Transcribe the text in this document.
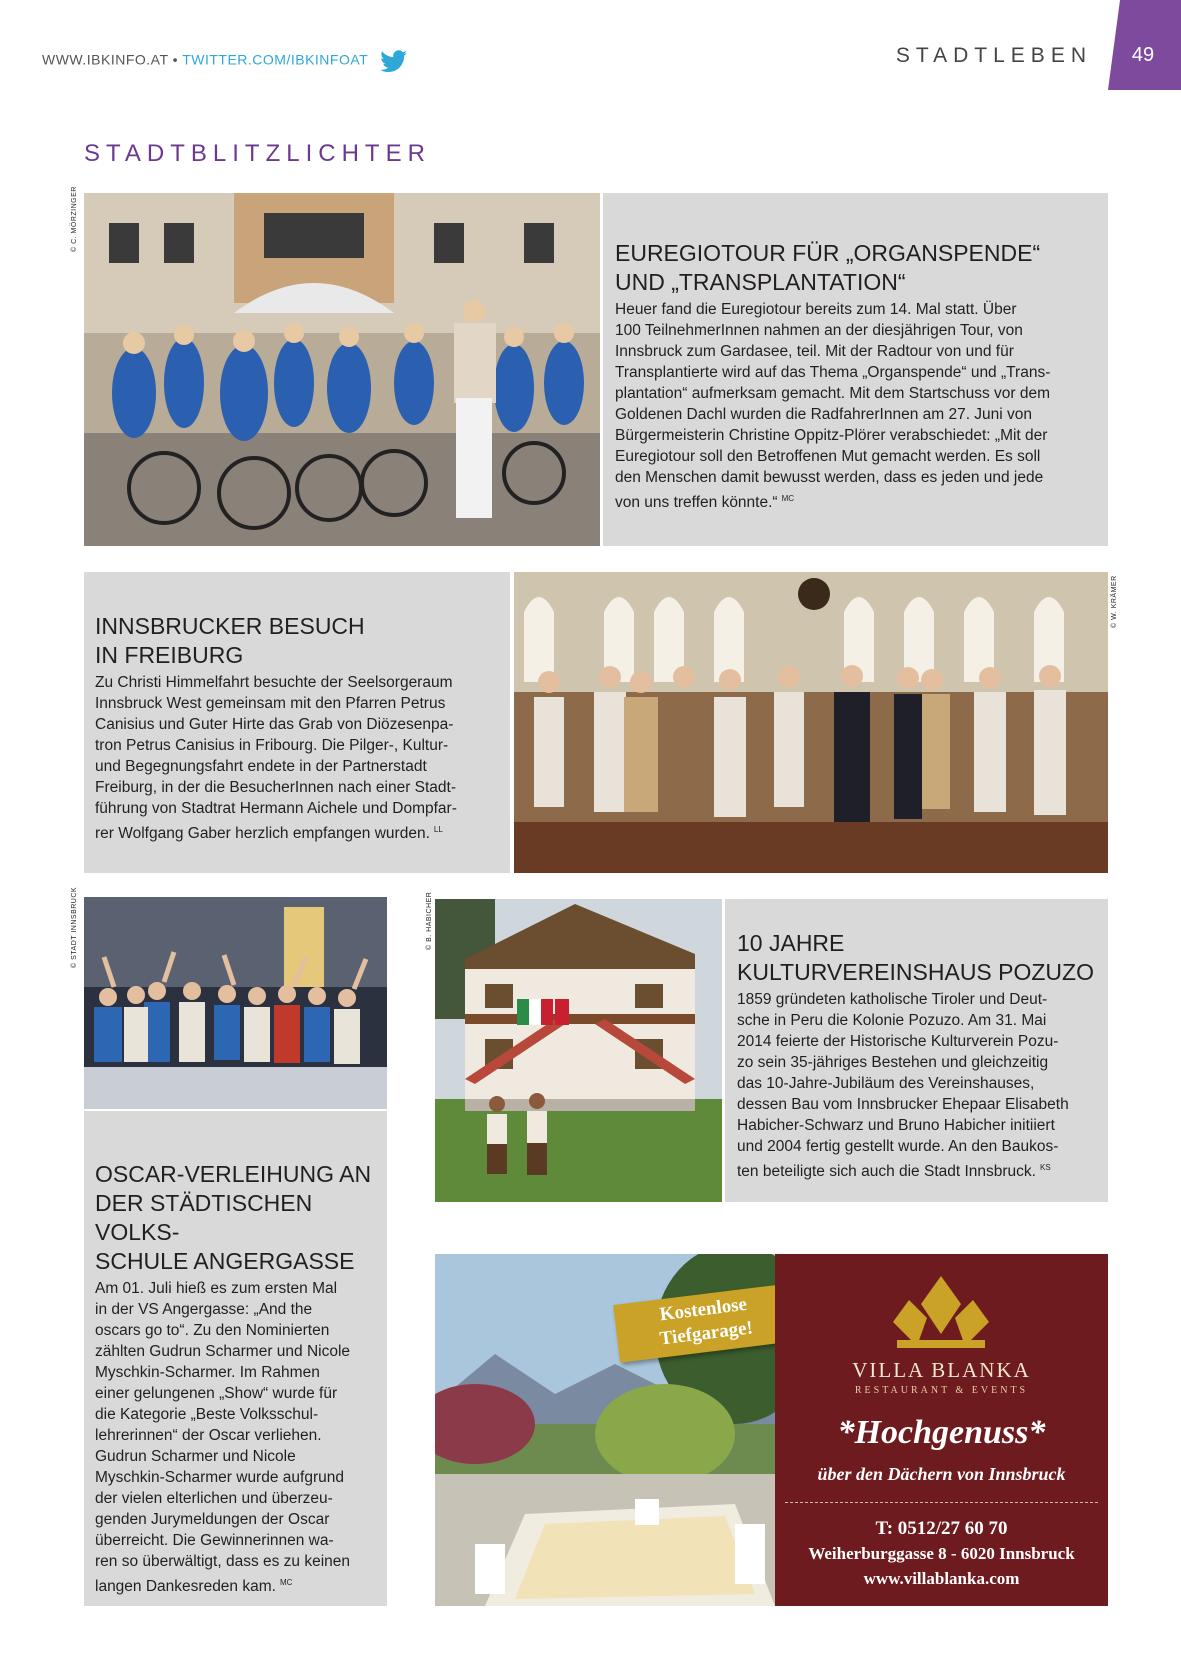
WWW.IBKINFO.AT • TWITTER.COM/IBKINFOAT	STADTLEBEN	49
STADTBLITZLICHTER
© C. MÖRZINGER
EUREGIOTOUR FÜR „ORGANSPENDE“
UND „TRANSPLANTATION“

Heuer fand die Euregiotour bereits zum 14. Mal statt. Über
100 TeilnehmerInnen nahmen an der diesjährigen Tour, von
Innsbruck zum Gardasee, teil. Mit der Radtour von und für
Transplantierte wird auf das Thema „Organspende“ und „Trans-
plantation“ aufmerksam gemacht. Mit dem Startschuss vor dem
Goldenen Dachl wurden die RadfahrerInnen am 27. Juni von
Bürgermeisterin Christine Oppitz-Plörer verabschiedet: „Mit der
Euregiotour soll den Betroffenen Mut gemacht werden. Es soll
den Menschen damit bewusst werden, dass es jeden und jede
von uns treffen könnte.“ $^{MC}$

INNSBRUCKER BESUCH
IN FREIBURG

Zu Christi Himmelfahrt besuchte der Seelsorgeraum
Innsbruck West gemeinsam mit den Pfarren Petrus
Canisius und Guter Hirte das Grab von Diözesenpa-
tron Petrus Canisius in Fribourg. Die Pilger-, Kultur-
und Begegnungsfahrt endete in der Partnerstadt
Freiburg, in der die BesucherInnen nach einer Stadt-
führung von Stadtrat Hermann Aichele und Dompfar-
rer Wolfgang Gaber herzlich empfangen wurden. $^{LL}$

© W. KRÄMER
© STADT INNSBRUCK
OSCAR-VERLEIHUNG AN
DER STÄDTISCHEN VOLKS-
SCHULE ANGERGASSE

Am 01. Juli hieß es zum ersten Mal
in der VS Angergasse: „And the
oscars go to“. Zu den Nominierten
zählten Gudrun Scharmer und Nicole
Myschkin-Scharmer. Im Rahmen
einer gelungenen „Show“ wurde für
die Kategorie „Beste Volksschul-
lehrerinnen“ der Oscar verliehen.
Gudrun Scharmer und Nicole
Myschkin-Scharmer wurde aufgrund
der vielen elterlichen und überzeu-
genden Jurymeldungen der Oscar
überreicht. Die Gewinnerinnen wa-
ren so überwältigt, dass es zu keinen
langen Dankesreden kam. $^{MC}$

© B. HABICHER	10 JAHRE
KULTURVEREINSHAUS POZUZO

1859 gründeten katholische Tiroler und Deut-
sche in Peru die Kolonie Pozuzo. Am 31. Mai
2014 feierte der Historische Kulturverein Pozu-
zo sein 35-jähriges Bestehen und gleichzeitig
das 10-Jahre-Jubiläum des Vereinshauses,
dessen Bau vom Innsbrucker Ehepaar Elisabeth
Habicher-Schwarz und Bruno Habicher initiiert
und 2004 fertig gestellt wurde. An den Baukos-
ten beteiligte sich auch die Stadt Innsbruck. $^{KS}$

Kostenlose
Tiefgarage!
VILLA BLANKA
RESTAURANT & EVENTS
*Hochgenuss*
über den Dächern von Innsbruck
T: 0512/27 60 70
Weiherburggasse 8 - 6020 Innsbruck
www.villablanka.com
